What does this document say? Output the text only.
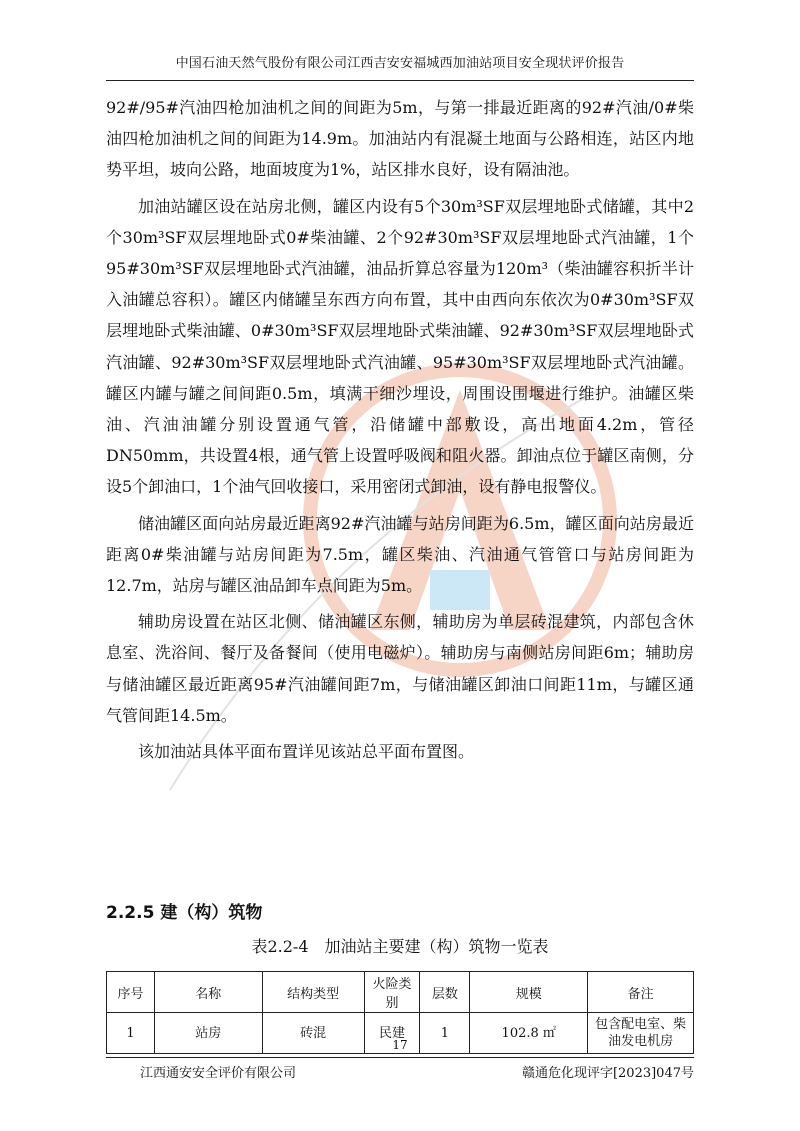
中国石油天然气股份有限公司江西吉安安福城西加油站项目安全现状评价报告

92#/95#汽油四枪加油机之间的间距为5m，与第一排最近距离的92#汽油/0#柴油四枪加油机之间的间距为14.9m。加油站内有混凝土地面与公路相连，站区内地势平坦，坡向公路，地面坡度为1%，站区排水良好，设有隔油池。

加油站罐区设在站房北侧，罐区内设有5个30m³SF双层埋地卧式储罐，其中2个30m³SF双层埋地卧式0#柴油罐、2个92#30m³SF双层埋地卧式汽油罐，1个95#30m³SF双层埋地卧式汽油罐，油品折算总容量为120m³（柴油罐容积折半计入油罐总容积）。罐区内储罐呈东西方向布置，其中由西向东依次为0#30m³SF双层埋地卧式柴油罐、0#30m³SF双层埋地卧式柴油罐、92#30m³SF双层埋地卧式汽油罐、92#30m³SF双层埋地卧式汽油罐、95#30m³SF双层埋地卧式汽油罐。罐区内罐与罐之间间距0.5m，填满干细沙埋设，周围设围堰进行维护。油罐区柴油、汽油油罐分别设置通气管，沿储罐中部敷设，高出地面4.2m，管径DN50mm，共设置4根，通气管上设置呼吸阀和阻火器。卸油点位于罐区南侧，分设5个卸油口，1个油气回收接口，采用密闭式卸油，设有静电报警仪。

储油罐区面向站房最近距离92#汽油罐与站房间距为6.5m，罐区面向站房最近距离0#柴油罐与站房间距为7.5m，罐区柴油、汽油通气管管口与站房间距为12.7m，站房与罐区油品卸车点间距为5m。

辅助房设置在站区北侧、储油罐区东侧，辅助房为单层砖混建筑，内部包含休息室、洗浴间、餐厅及备餐间（使用电磁炉）。辅助房与南侧站房间距6m；辅助房与储油罐区最近距离95#汽油罐间距7m，与储油罐区卸油口间距11m，与罐区通气管间距14.5m。

该加油站具体平面布置详见该站总平面布置图。

2.2.5 建（构）筑物
表2.2-4　加油站主要建（构）筑物一览表
序号	名称	结构类型	火险类别	层数	规模	备注
1	站房	砖混	民建	1	102.8 ㎡	包含配电室、柴油发电机房
17
江西通安安全评价有限公司	赣通危化现评字[2023]047号
